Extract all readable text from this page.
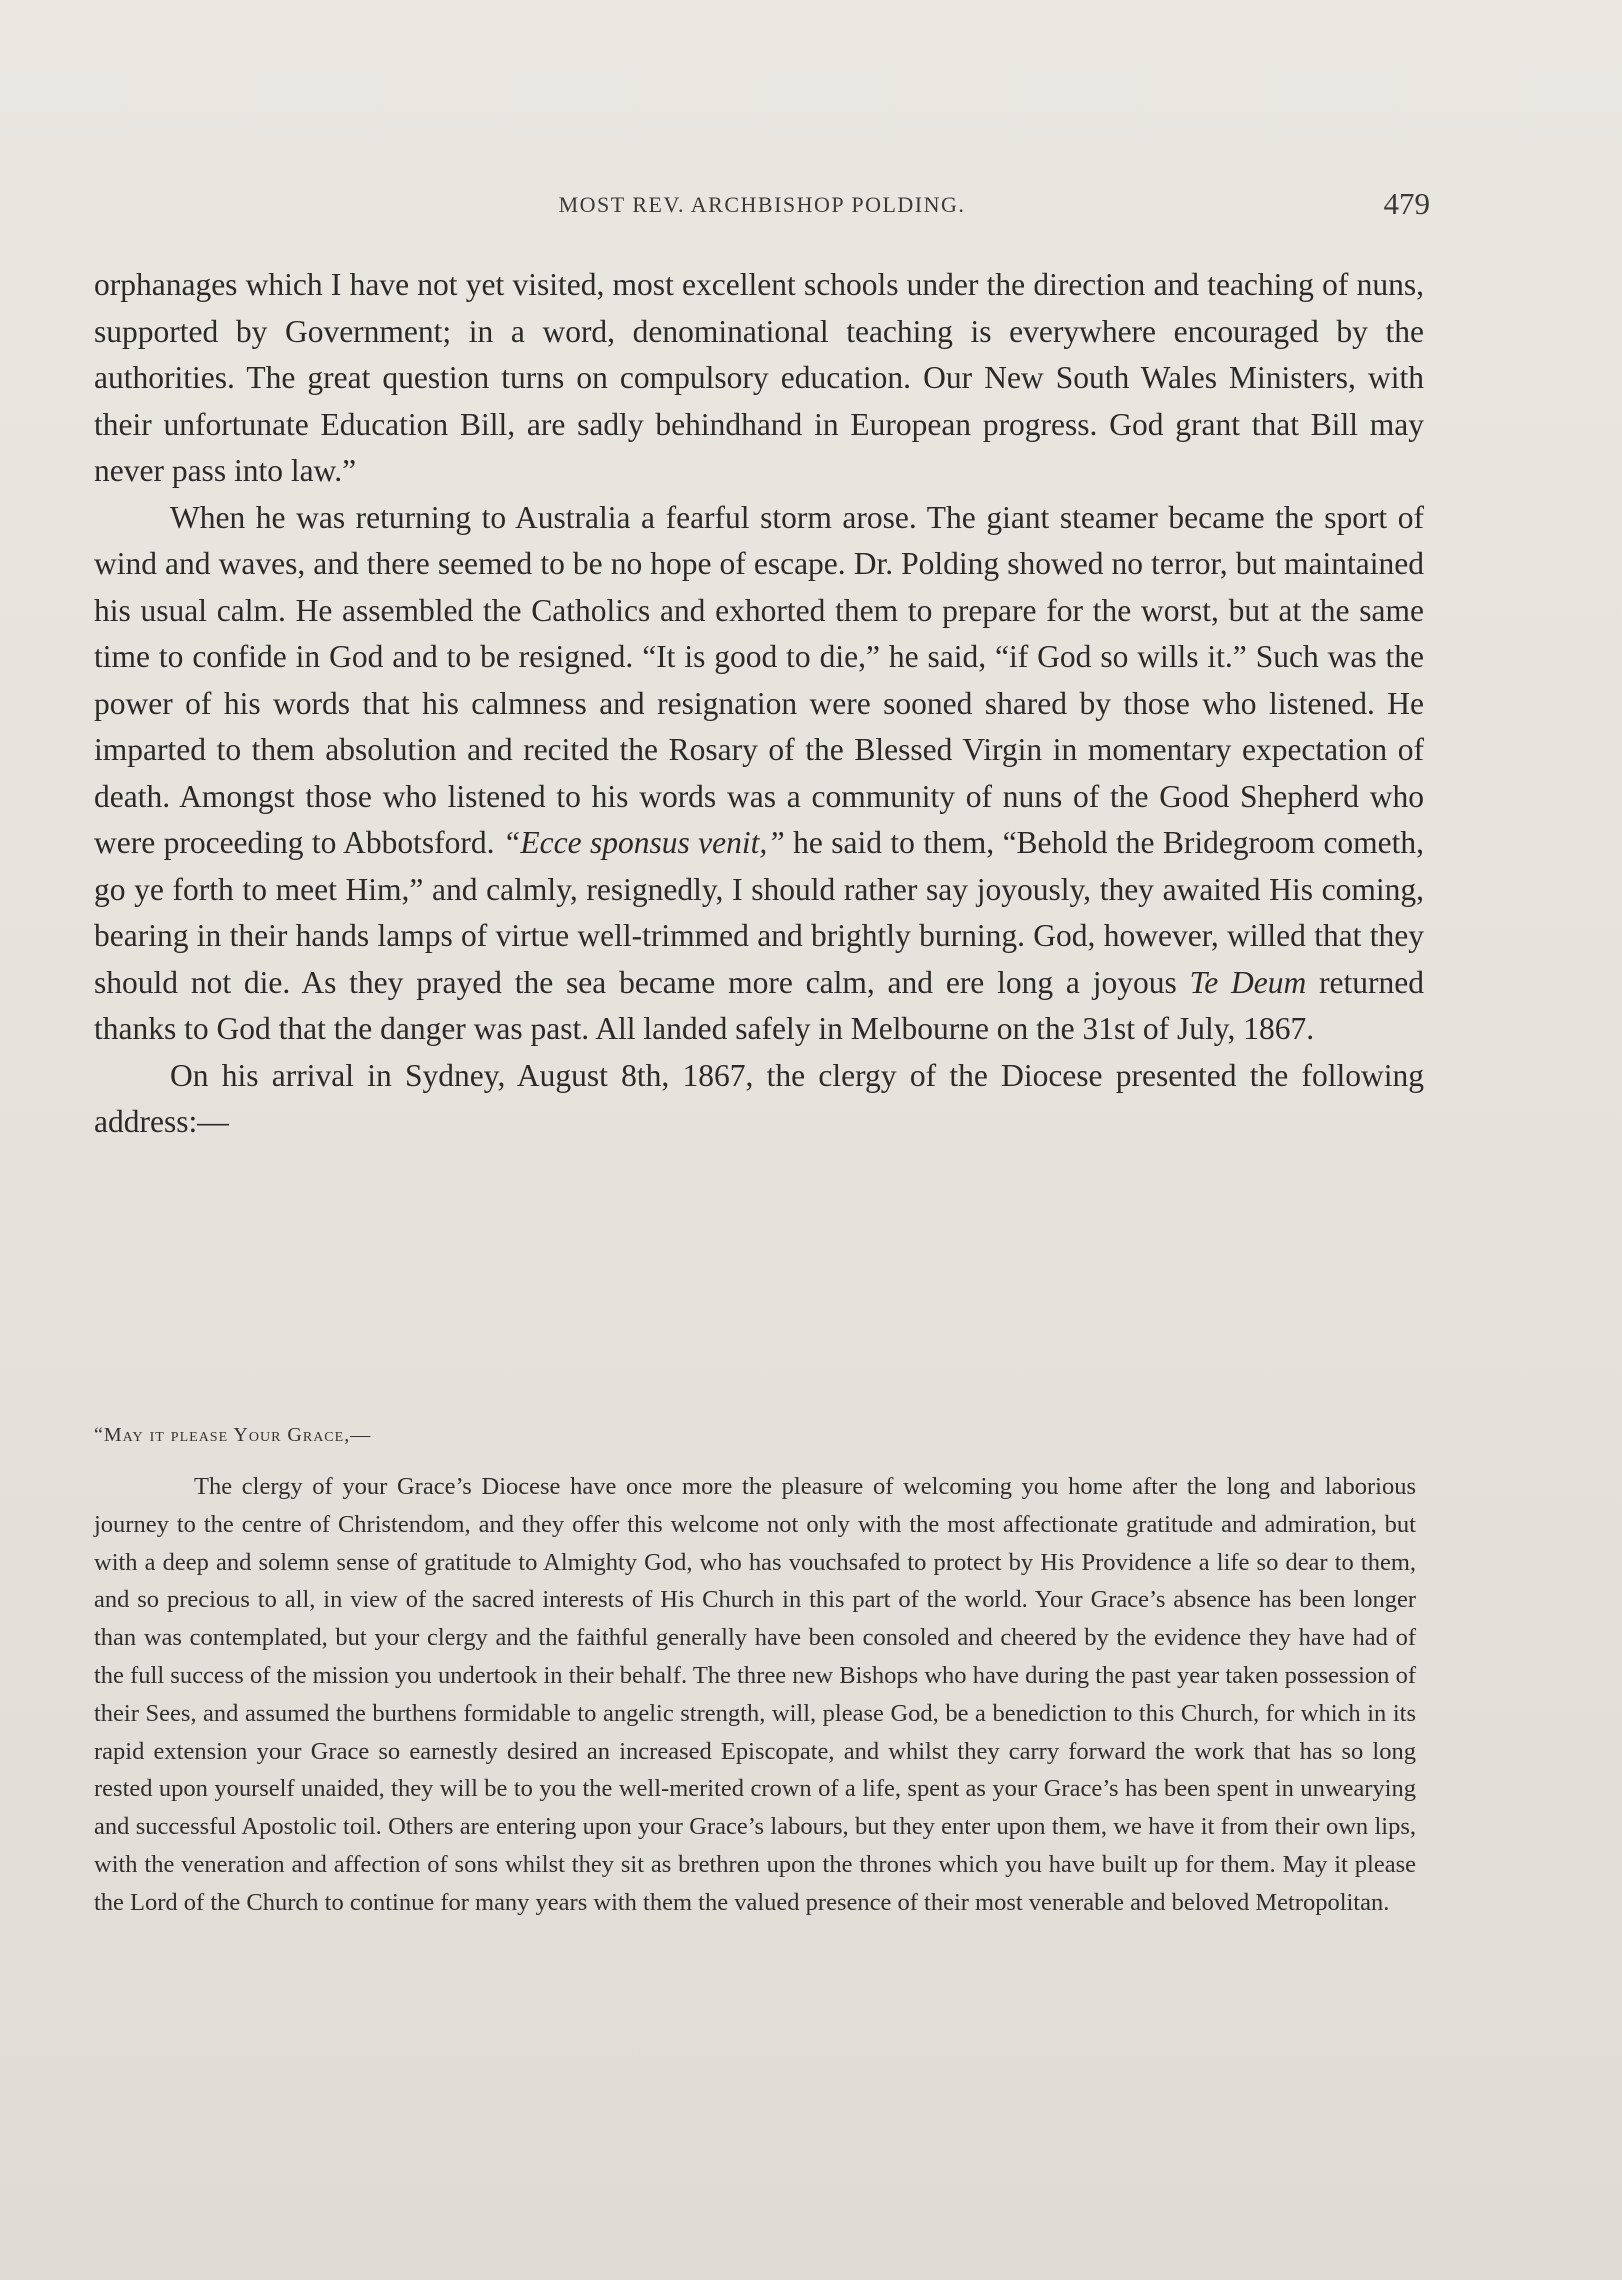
MOST REV. ARCHBISHOP POLDING.	479

orphanages which I have not yet visited, most excellent schools under the direction and teaching of nuns, supported by Government; in a word, denominational teaching is everywhere encouraged by the authorities. The great question turns on compulsory education. Our New South Wales Ministers, with their unfortunate Education Bill, are sadly behindhand in European progress. God grant that Bill may never pass into law.”

When he was returning to Australia a fearful storm arose. The giant steamer became the sport of wind and waves, and there seemed to be no hope of escape. Dr. Polding showed no terror, but maintained his usual calm. He assembled the Catholics and exhorted them to prepare for the worst, but at the same time to confide in God and to be resigned. “It is good to die,” he said, “if God so wills it.” Such was the power of his words that his calmness and resignation were sooned shared by those who listened. He imparted to them absolution and recited the Rosary of the Blessed Virgin in momentary expectation of death. Amongst those who listened to his words was a community of nuns of the Good Shepherd who were proceeding to Abbotsford. “Ecce sponsus venit,” he said to them, “Behold the Bridegroom cometh, go ye forth to meet Him,” and calmly, resignedly, I should rather say joyously, they awaited His coming, bearing in their hands lamps of virtue well-trimmed and brightly burning. God, however, willed that they should not die. As they prayed the sea became more calm, and ere long a joyous Te Deum returned thanks to God that the danger was past. All landed safely in Melbourne on the 31st of July, 1867.

On his arrival in Sydney, August 8th, 1867, the clergy of the Diocese presented the following address:—

“May it please Your Grace,—

The clergy of your Grace’s Diocese have once more the pleasure of welcoming you home after the long and laborious journey to the centre of Christendom, and they offer this welcome not only with the most affectionate gratitude and admiration, but with a deep and solemn sense of gratitude to Almighty God, who has vouchsafed to protect by His Providence a life so dear to them, and so precious to all, in view of the sacred interests of His Church in this part of the world. Your Grace’s absence has been longer than was contemplated, but your clergy and the faithful generally have been consoled and cheered by the evidence they have had of the full success of the mission you undertook in their behalf. The three new Bishops who have during the past year taken possession of their Sees, and assumed the burthens formidable to angelic strength, will, please God, be a benediction to this Church, for which in its rapid extension your Grace so earnestly desired an increased Episcopate, and whilst they carry forward the work that has so long rested upon yourself unaided, they will be to you the well-merited crown of a life, spent as your Grace’s has been spent in unwearying and successful Apostolic toil. Others are entering upon your Grace’s labours, but they enter upon them, we have it from their own lips, with the veneration and affection of sons whilst they sit as brethren upon the thrones which you have built up for them. May it please the Lord of the Church to continue for many years with them the valued presence of their most venerable and beloved Metropolitan.
